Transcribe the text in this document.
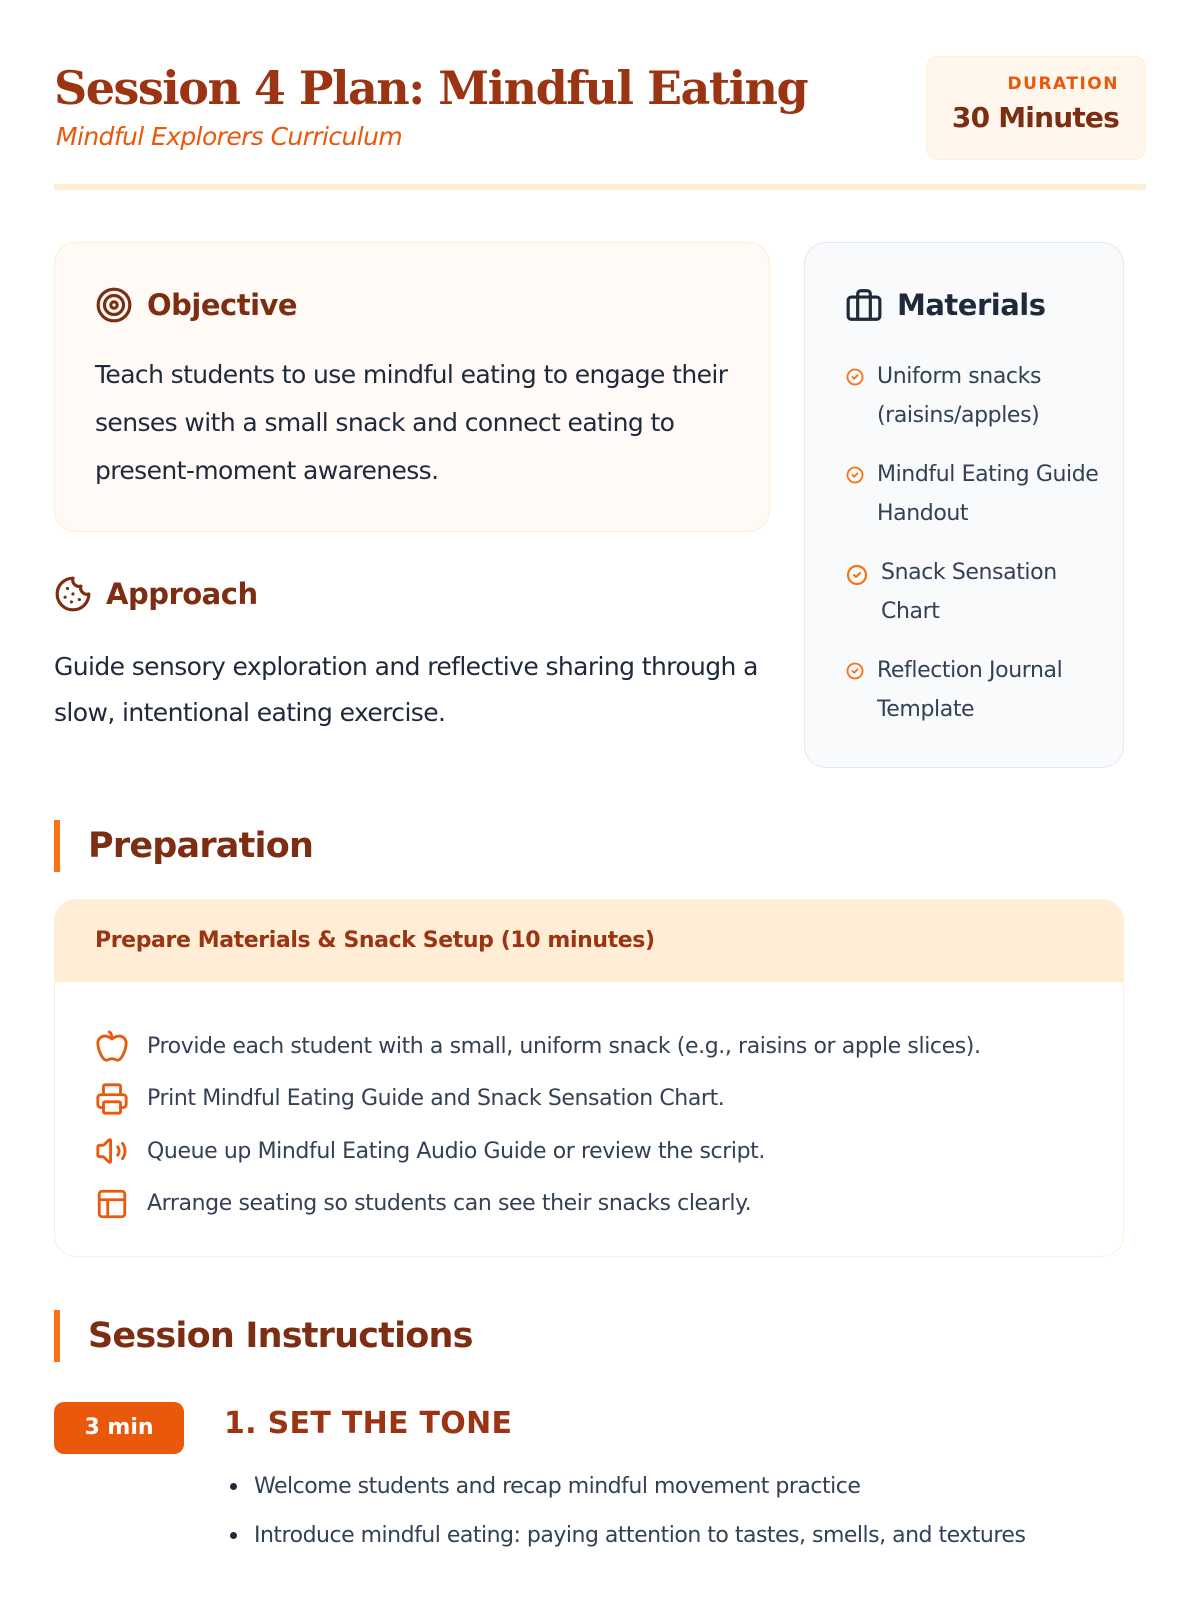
Session 4 Plan: Mindful Eating
Mindful Explorers Curriculum
DURATION
30 Minutes
Objective

Teach students to use mindful eating to engage their senses with a small snack and connect eating to present-moment awareness.

Approach

Guide sensory exploration and reflective sharing through a slow, intentional eating exercise.

Materials
Uniform snacks (raisins/apples)
Mindful Eating Guide Handout
Snack Sensation Chart
Reflection Journal Template
Preparation
Prepare Materials & Snack Setup (10 minutes)
Provide each student with a small, uniform snack (e.g., raisins or apple slices).
Print Mindful Eating Guide and Snack Sensation Chart.
Queue up Mindful Eating Audio Guide or review the script.
Arrange seating so students can see their snacks clearly.
Session Instructions
3 min	1. SET THE TONE
Welcome students and recap mindful movement practice
Introduce mindful eating: paying attention to tastes, smells, and textures
